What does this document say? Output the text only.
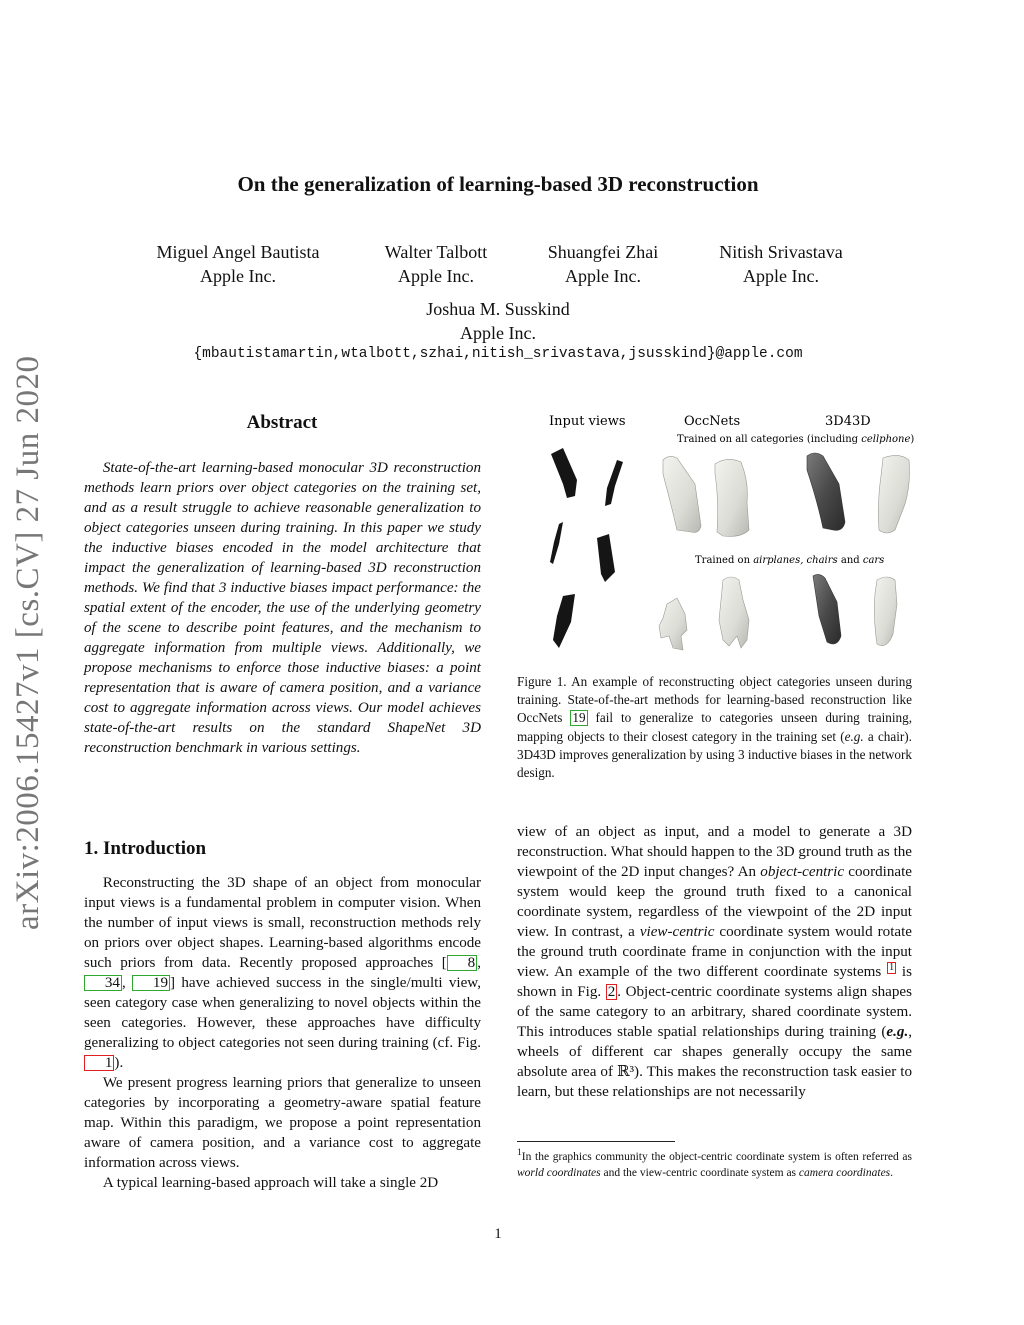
arXiv:2006.15427v1 [cs.CV] 27 Jun 2020
On the generalization of learning-based 3D reconstruction
Miguel Angel Bautista
Apple Inc.
Walter Talbott
Apple Inc.
Shuangfei Zhai
Apple Inc.
Nitish Srivastava
Apple Inc.
Joshua M. Susskind
Apple Inc.
{mbautistamartin,wtalbott,szhai,nitish_srivastava,jsusskind}@apple.com
Abstract

State-of-the-art learning-based monocular 3D reconstruction methods learn priors over object categories on the training set, and as a result struggle to achieve reasonable generalization to object categories unseen during training. In this paper we study the inductive biases encoded in the model architecture that impact the generalization of learning-based 3D reconstruction methods. We find that 3 inductive biases impact performance: the spatial extent of the encoder, the use of the underlying geometry of the scene to describe point features, and the mechanism to aggregate information from multiple views. Additionally, we propose mechanisms to enforce those inductive biases: a point representation that is aware of camera position, and a variance cost to aggregate information across views. Our model achieves state-of-the-art results on the standard ShapeNet 3D reconstruction benchmark in various settings.

1. Introduction

Reconstructing the 3D shape of an object from monocular input views is a fundamental problem in computer vision. When the number of input views is small, reconstruction methods rely on priors over object shapes. Learning-based algorithms encode such priors from data. Recently proposed approaches [ 8 , 34 , 19 ] have achieved success in the single/multi view, seen category case when generalizing to novel objects within the seen categories. However, these approaches have difficulty generalizing to object categories not seen during training (cf. Fig. 1 ).

We present progress learning priors that generalize to unseen categories by incorporating a geometry-aware spatial feature map. Within this paradigm, we propose a point representation aware of camera position, and a variance cost to aggregate information across views.

A typical learning-based approach will take a single 2D

Input views	OccNets	3D43D
Trained on all categories (including cellphone)
Trained on airplanes, chairs and cars
Figure 1. An example of reconstructing object categories unseen during training. State-of-the-art methods for learning-based reconstruction like OccNets 19 fail to generalize to categories unseen during training, mapping objects to their closest category in the training set (e.g. a chair). 3D43D improves generalization by using 3 inductive biases in the network design.

view of an object as input, and a model to generate a 3D reconstruction. What should happen to the 3D ground truth as the viewpoint of the 2D input changes? An object-centric coordinate system would keep the ground truth fixed to a canonical coordinate system, regardless of the viewpoint of the 2D input view. In contrast, a view-centric coordinate system would rotate the ground truth coordinate frame in conjunction with the input view. An example of the two different coordinate systems $^1$ is shown in Fig. 2 . Object-centric coordinate systems align shapes of the same category to an arbitrary, shared coordinate system. This introduces stable spatial relationships during training (e.g., wheels of different car shapes generally occupy the same absolute area of ℝ³). This makes the reconstruction task easier to learn, but these relationships are not necessarily

$^1$In the graphics community the object-centric coordinate system is often referred as world coordinates and the view-centric coordinate system as camera coordinates.
1
